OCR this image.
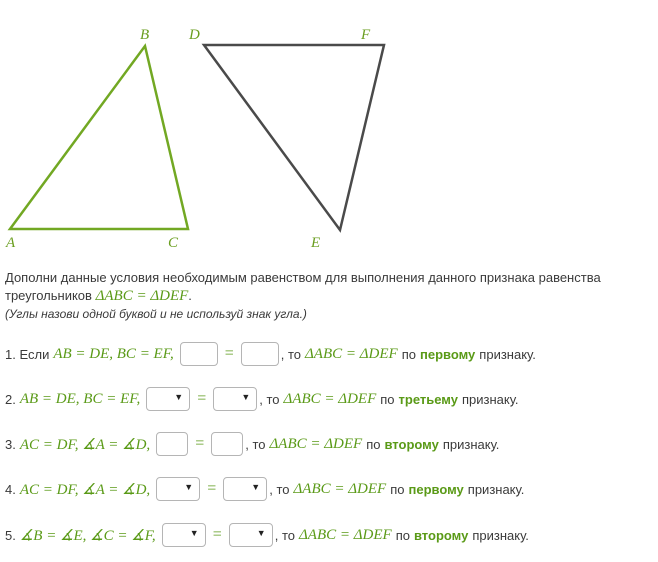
A
B
C
D
E
F
Дополни данные условия необходимым равенством для выполнения данного признака равенства треугольников ΔABC = ΔDEF.
(Углы назови одной буквой и не используй знак угла.)
1. Если AB = DE, BC = EF,	=	, то ΔABC = ΔDEF по первому признаку.
2. AB = DE, BC = EF,	▼ =	▼ , то ΔABC = ΔDEF по третьему признаку.
3. AC = DF, ∡A = ∡D,	=	, то ΔABC = ΔDEF по второму признаку.
4. AC = DF, ∡A = ∡D,	▼ =	▼ , то ΔABC = ΔDEF по первому признаку.
5. ∡B = ∡E, ∡C = ∡F,	▼ =	▼ , то ΔABC = ΔDEF по второму признаку.
